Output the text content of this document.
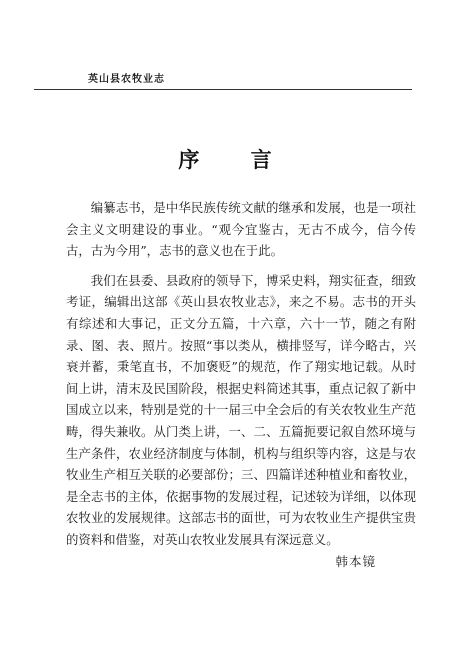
英山县农牧业志
序 言

编纂志书，是中华民族传统文献的继承和发展，也是一项社会主义文明建设的事业。“观今宜鉴古，无古不成今，信今传古，古为今用”，志书的意义也在于此。

我们在县委、县政府的领导下，博采史料，翔实征查，细致考证，编辑出这部《英山县农牧业志》，来之不易。志书的开头有综述和大事记，正文分五篇，十六章，六十一节，随之有附录、图、表、照片。按照“事以类从，横排竖写，详今略古，兴衰并蓄，秉笔直书，不加褒贬”的规范，作了翔实地记载。从时间上讲，清末及民国阶段，根据史料简述其事，重点记叙了新中国成立以来，特别是党的十一届三中全会后的有关农牧业生产范畴，得失兼收。从门类上讲，一、二、五篇扼要记叙自然环境与生产条件，农业经济制度与体制，机构与组织等内容，这是与农牧业生产相互关联的必要部份；三、四篇详述种植业和畜牧业，是全志书的主体，依据事物的发展过程，记述较为详细，以体现农牧业的发展规律。这部志书的面世，可为农牧业生产提供宝贵的资料和借鉴，对英山农牧业发展具有深远意义。

韩本镜
